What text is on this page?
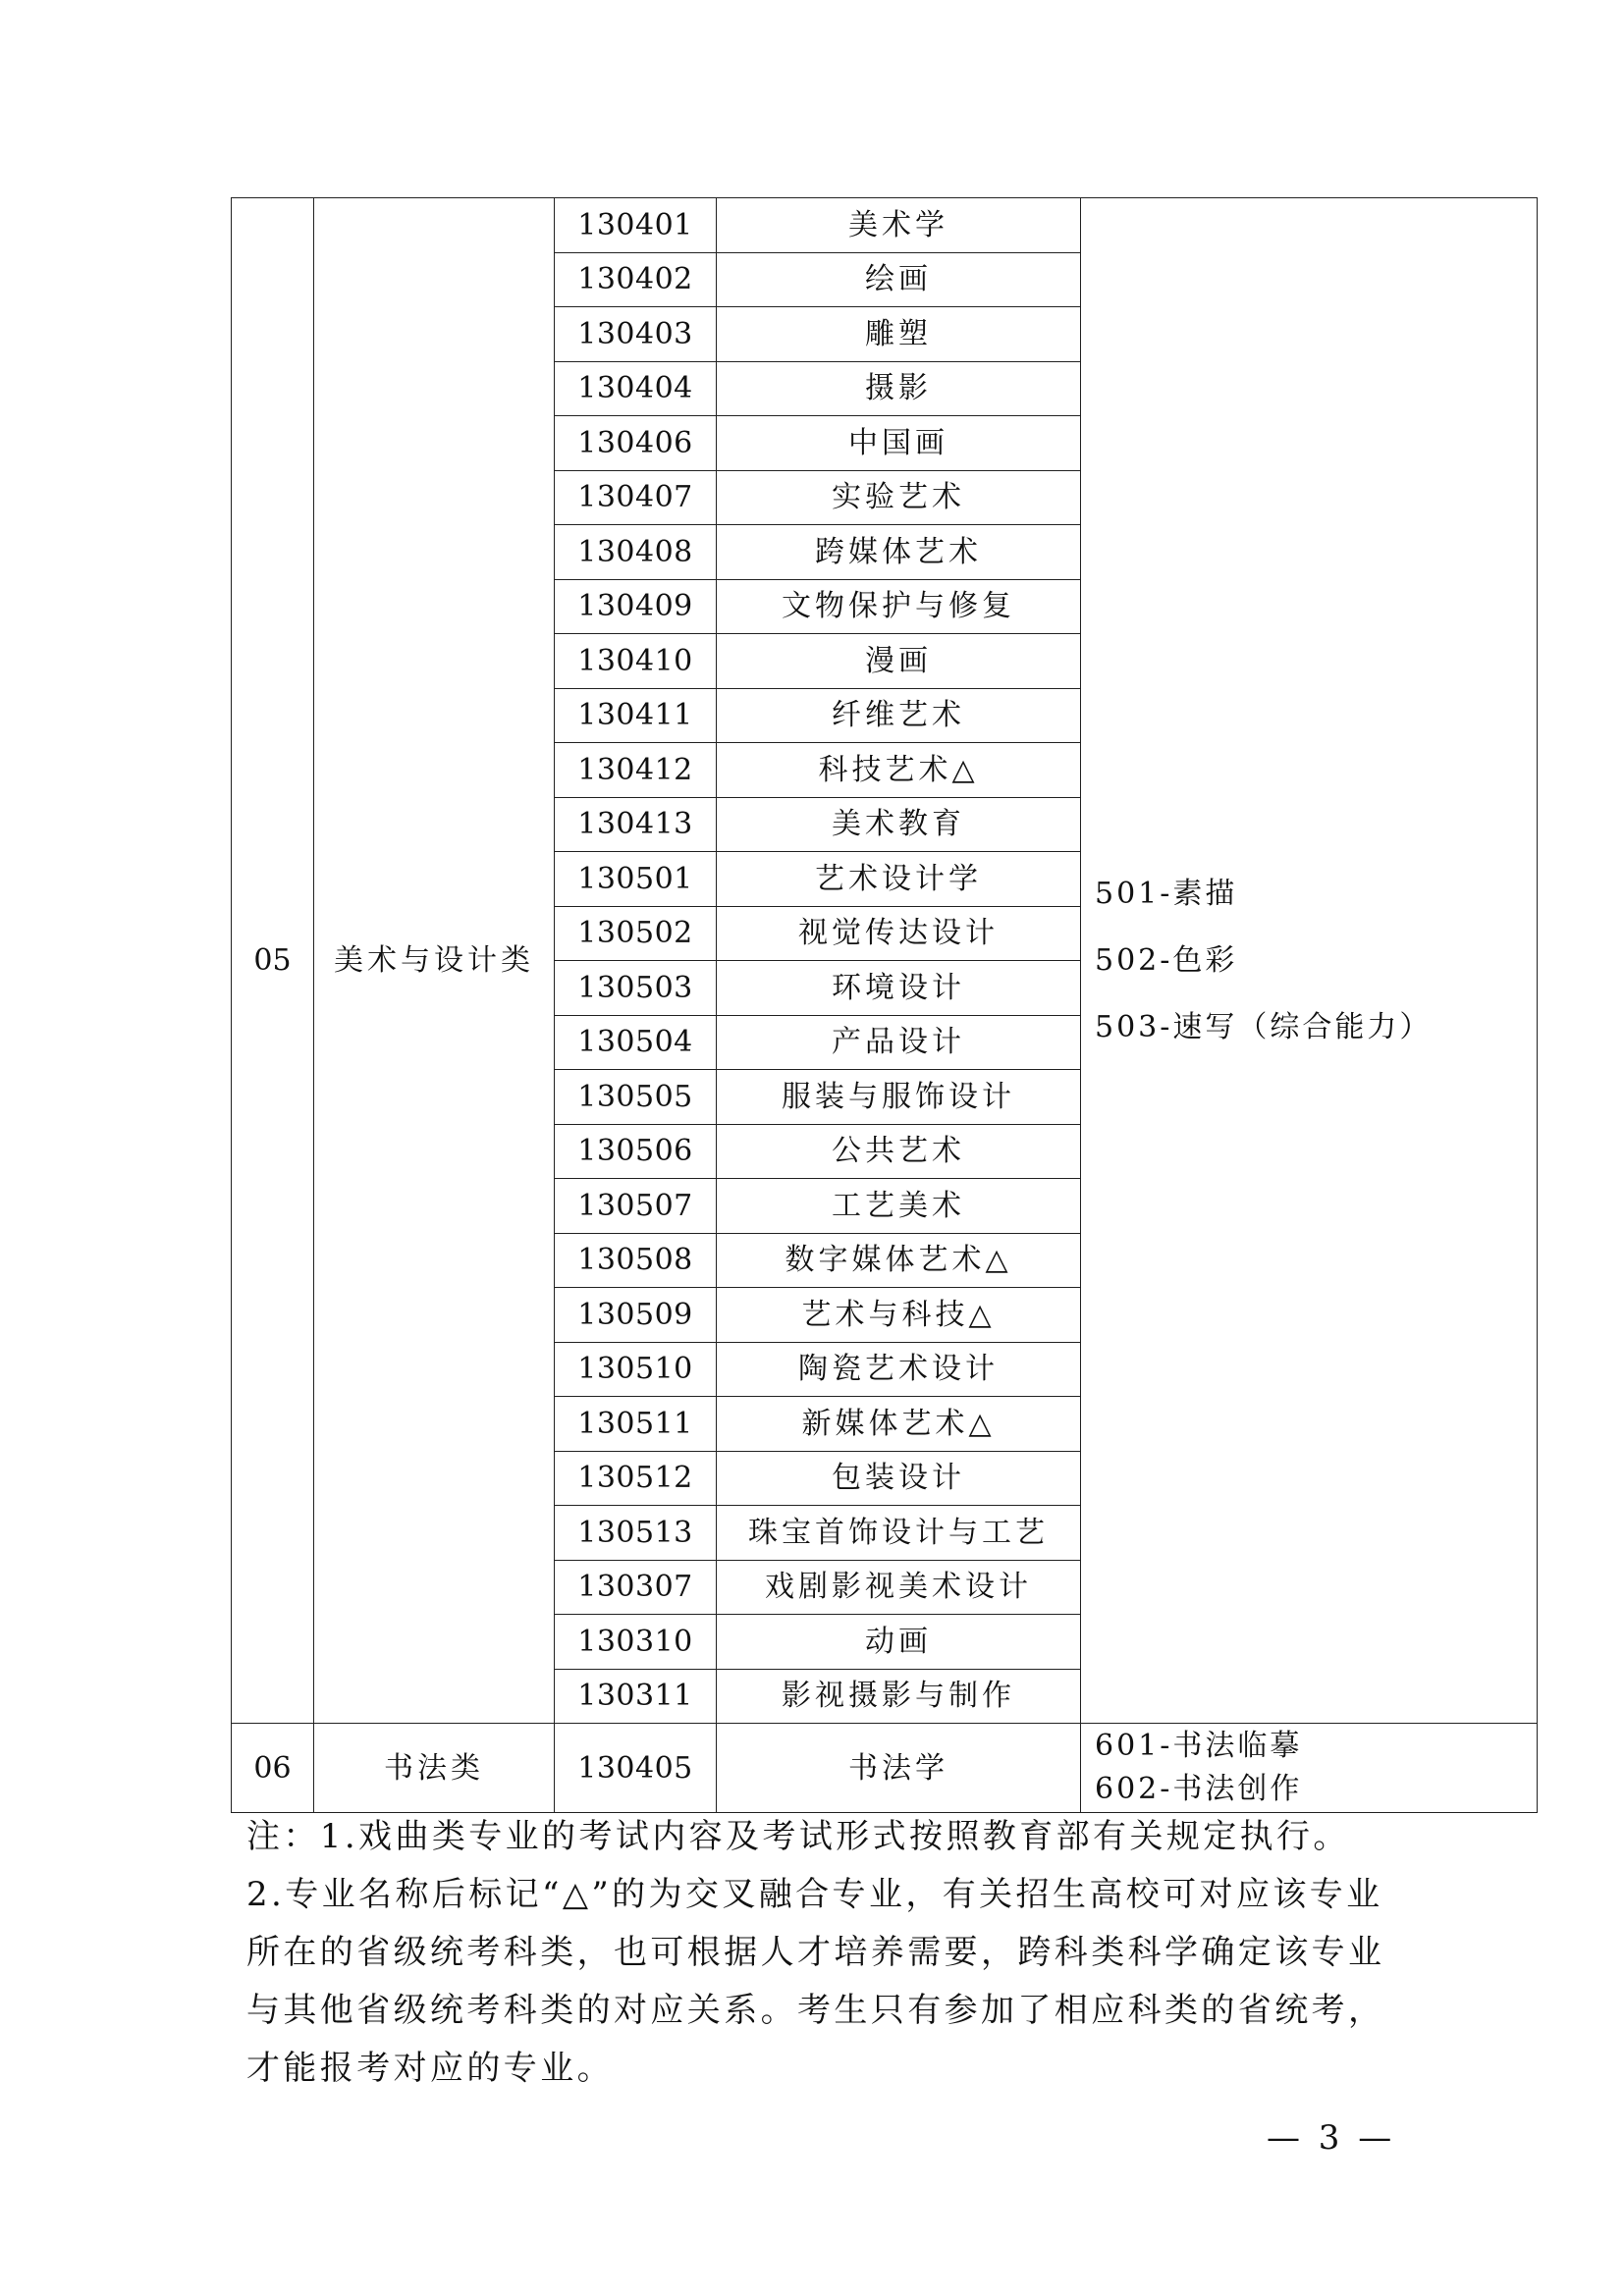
05	美术与设计类	130401	美术学	501-素描
502-色彩
503-速写（综合能力）

		130402	绘画	
		130403	雕塑	
		130404	摄影	
		130406	中国画	
		130407	实验艺术	
		130408	跨媒体艺术	
		130409	文物保护与修复	
		130410	漫画	
		130411	纤维艺术	
		130412	科技艺术△	
		130413	美术教育	
		130501	艺术设计学	
		130502	视觉传达设计	
		130503	环境设计	
		130504	产品设计	
		130505	服装与服饰设计	
		130506	公共艺术	
		130507	工艺美术	
		130508	数字媒体艺术△	
		130509	艺术与科技△	
		130510	陶瓷艺术设计	
		130511	新媒体艺术△	
		130512	包装设计	
		130513	珠宝首饰设计与工艺	
		130307	戏剧影视美术设计	
		130310	动画	
		130311	影视摄影与制作	
06	书法类	130405	书法学	601-书法临摹
602-书法创作

注：1.戏曲类专业的考试内容及考试形式按照教育部有关规定执行。

2.专业名称后标记“△”的为交叉融合专业，有关招生高校可对应该专业所在的省级统考科类，也可根据人才培养需要，跨科类科学确定该专业与其他省级统考科类的对应关系。考生只有参加了相应科类的省统考，才能报考对应的专业。

— 3 —
